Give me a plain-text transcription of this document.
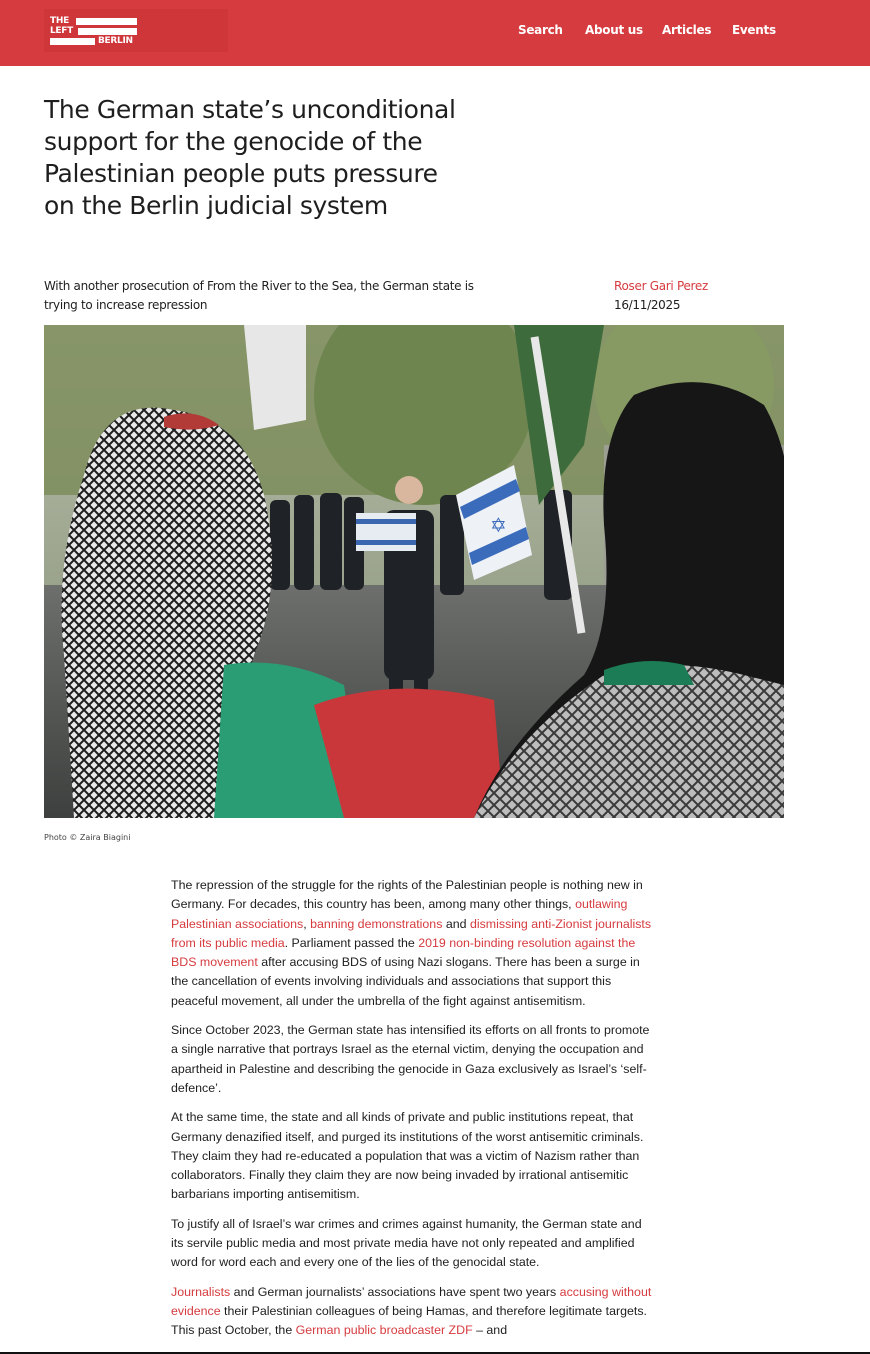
THE
LEFT
BERLIN
Search About us Articles Events
The German state’s unconditional support for the genocide of the Palestinian people puts pressure on the Berlin judicial system
With another prosecution of From the River to the Sea, the German state is trying to increase repression
Roser Gari Perez
16/11/2025
✡
Photo © Zaira Biagini

The repression of the struggle for the rights of the Palestinian people is nothing new in Germany. For decades, this country has been, among many other things, outlawing Palestinian associations, banning demonstrations and dismissing anti-Zionist journalists from its public media. Parliament passed the 2019 non-binding resolution against the BDS movement after accusing BDS of using Nazi slogans. There has been a surge in the cancellation of events involving individuals and associations that support this peaceful movement, all under the umbrella of the fight against antisemitism.

Since October 2023, the German state has intensified its efforts on all fronts to promote a single narrative that portrays Israel as the eternal victim, denying the occupation and apartheid in Palestine and describing the genocide in Gaza exclusively as Israel’s ‘self-defence’.

At the same time, the state and all kinds of private and public institutions repeat, that Germany denazified itself, and purged its institutions of the worst antisemitic criminals. They claim they had re-educated a population that was a victim of Nazism rather than collaborators. Finally they claim they are now being invaded by irrational antisemitic barbarians importing antisemitism.

To justify all of Israel’s war crimes and crimes against humanity, the German state and its servile public media and most private media have not only repeated and amplified word for word each and every one of the lies of the genocidal state.

Journalists and German journalists’ associations have spent two years accusing without evidence their Palestinian colleagues of being Hamas, and therefore legitimate targets. This past October, the German public broadcaster ZDF – and
